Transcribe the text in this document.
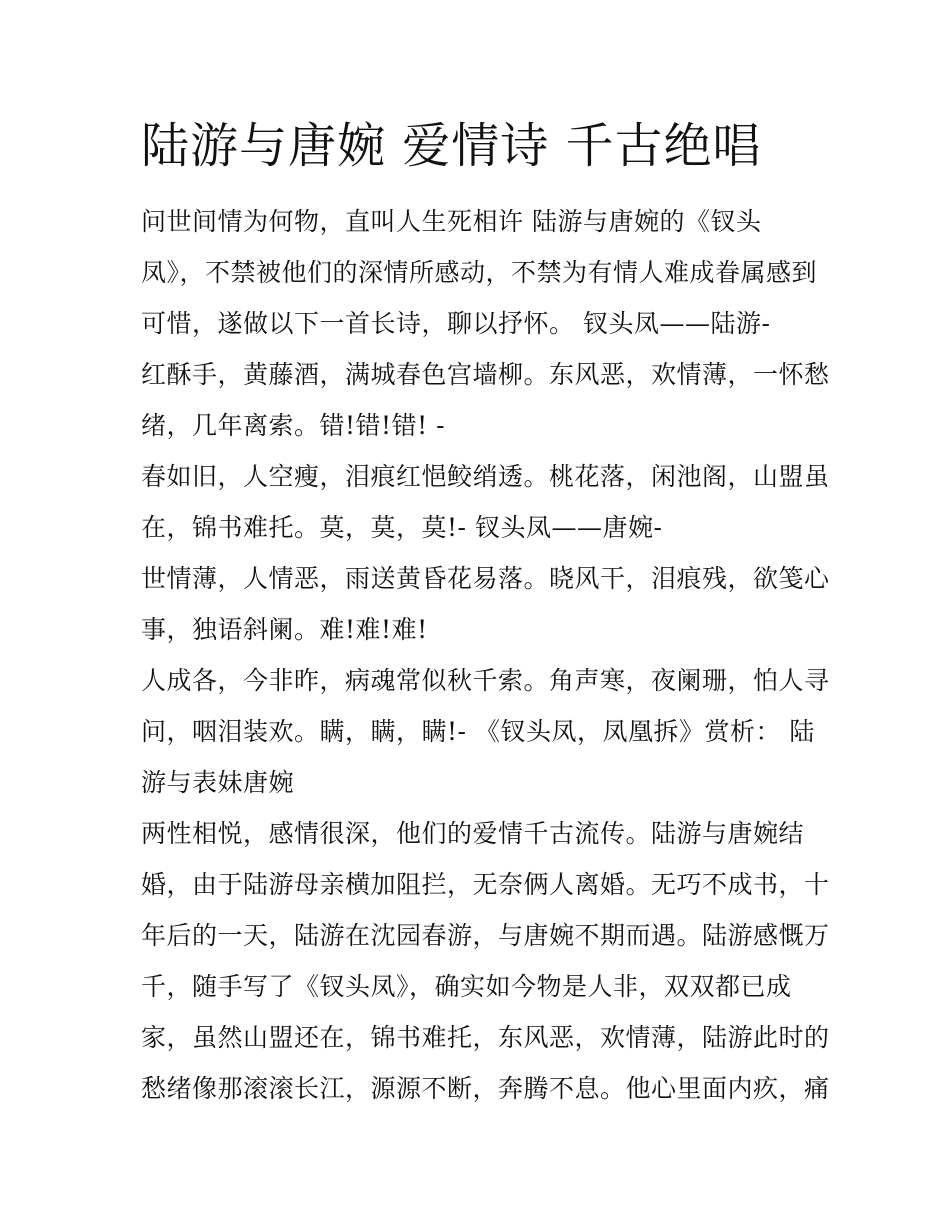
陆游与唐婉 爱情诗 千古绝唱
问世间情为何物，直叫人生死相许 陆游与唐婉的《钗头
凤》，不禁被他们的深情所感动，不禁为有情人难成眷属感到
可惜，遂做以下一首长诗，聊以抒怀。 钗头凤——陆游-
红酥手，黄藤酒，满城春色宫墙柳。东风恶，欢情薄，一怀愁
绪，几年离索。错!错!错! -
春如旧，人空瘦，泪痕红悒鲛绡透。桃花落，闲池阁，山盟虽
在，锦书难托。莫，莫，莫!- 钗头凤——唐婉-
世情薄，人情恶，雨送黄昏花易落。晓风干，泪痕残，欲笺心
事，独语斜阑。难!难!难!
人成各，今非昨，病魂常似秋千索。角声寒，夜阑珊，怕人寻
问，咽泪装欢。瞒，瞒，瞒!- 《钗头凤，凤凰拆》赏析： 陆
游与表妹唐婉
两性相悦，感情很深，他们的爱情千古流传。陆游与唐婉结
婚，由于陆游母亲横加阻拦，无奈俩人离婚。无巧不成书，十
年后的一天，陆游在沈园春游，与唐婉不期而遇。陆游感慨万
千，随手写了《钗头凤》，确实如今物是人非，双双都已成
家，虽然山盟还在，锦书难托，东风恶，欢情薄，陆游此时的
愁绪像那滚滚长江，源源不断，奔腾不息。他心里面内疚，痛
